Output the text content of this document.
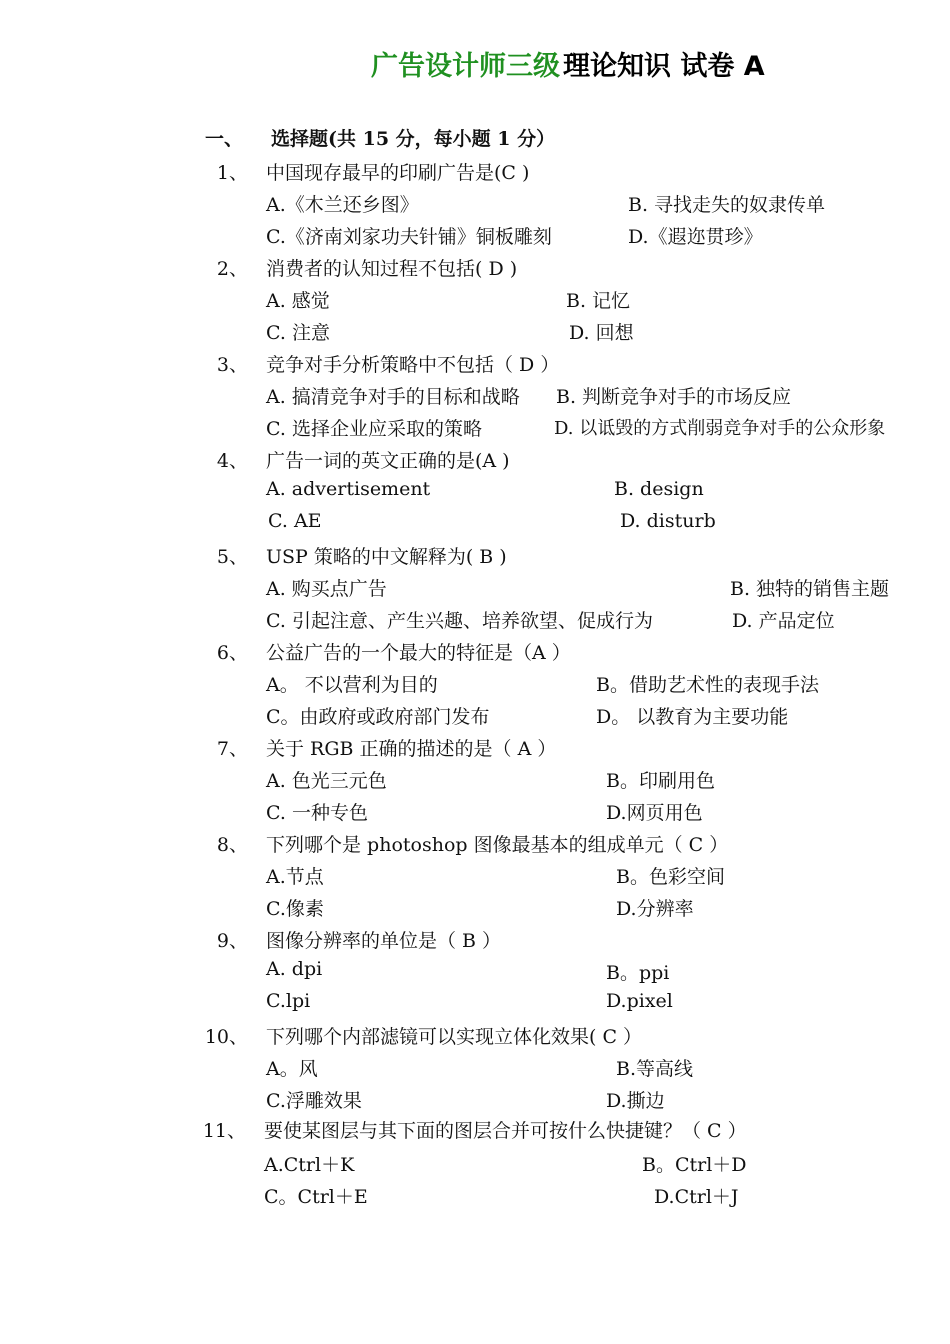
广告设计师三级 理论知识 试卷 A
一、 选择题(共 15 分，每小题 1 分）
1、 中国现存最早的印刷广告是(C )
A.《木兰还乡图》	B. 寻找走失的奴隶传单
C.《济南刘家功夫针铺》铜板雕刻	D.《遐迩贯珍》
2、 消费者的认知过程不包括( D )
A. 感觉	B. 记忆
C. 注意	D. 回想
3、 竞争对手分析策略中不包括（ D ）
A. 搞清竞争对手的目标和战略 B. 判断竞争对手的市场反应
C. 选择企业应采取的策略	D. 以诋毁的方式削弱竞争对手的公众形象
4、 广告一词的英文正确的是(A )
A. advertisement	B. design
C. AE	D. disturb
5、 USP 策略的中文解释为( B )
A. 购买点广告	B. 独特的销售主题
C. 引起注意、产生兴趣、培养欲望、促成行为	D. 产品定位
6、 公益广告的一个最大的特征是（A ）
A。 不以营利为目的	B。借助艺术性的表现手法
C。由政府或政府部门发布	D。 以教育为主要功能
7、 关于 RGB 正确的描述的是（ A ）
A. 色光三元色	B。印刷用色
C. 一种专色	D.网页用色
8、 下列哪个是 photoshop 图像最基本的组成单元（ C ）
A.节点	B。色彩空间
C.像素	D.分辨率
9、 图像分辨率的单位是（ B ）
A. dpi	B。ppi
C.lpi	D.pixel
10、 下列哪个内部滤镜可以实现立体化效果( C ）
A。风	B.等高线
C.浮雕效果	D.撕边
11、 要使某图层与其下面的图层合并可按什么快捷键？（ C ）
A.Ctrl＋K	B。Ctrl＋D
C。Ctrl＋E	D.Ctrl＋J
